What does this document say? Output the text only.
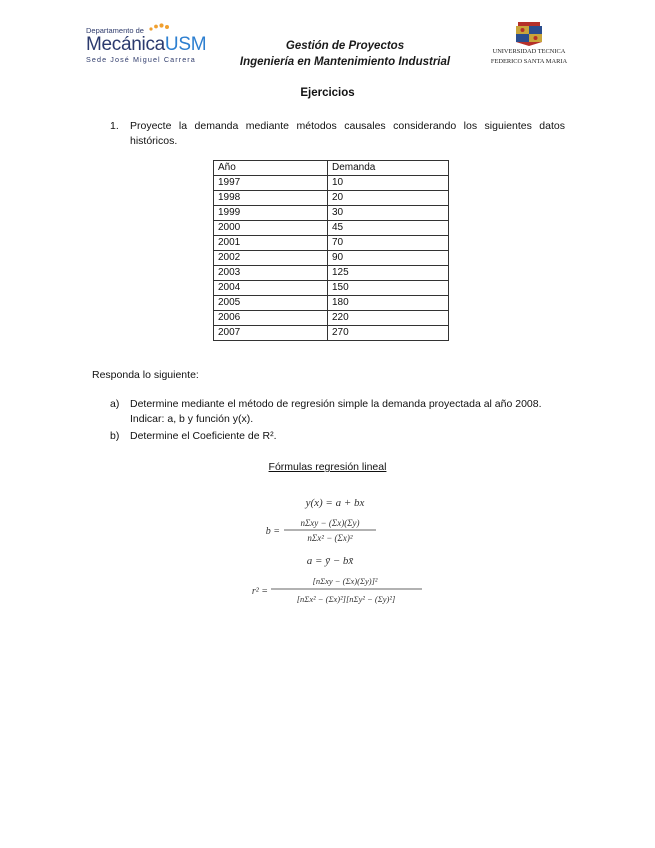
Departamento de
MecánicaUSM
Sede José Miguel Carrera
Gestión de Proyectos
Ingeniería en Mantenimiento Industrial
UNIVERSIDAD TECNICA
FEDERICO SANTA MARIA
Ejercicios
1. Proyecte la demanda mediante métodos causales considerando los siguientes datos históricos.
Año	Demanda
1997	10
1998	20
1999	30
2000	45
2001	70
2002	90
2003	125
2004	150
2005	180
2006	220
2007	270
Responda lo siguiente:
a) Determine mediante el método de regresión simple la demanda proyectada al año 2008. Indicar: a, b y función y(x).
b) Determine el Coeficiente de R².
Fórmulas regresión lineal
y(x) = a + bx
b =
nΣxy − (Σx)(Σy)
nΣx² − (Σx)²
a = ȳ − bx̄
r² =
[nΣxy − (Σx)(Σy)]²
[nΣx² − (Σx)²][nΣy² − (Σy)²]
